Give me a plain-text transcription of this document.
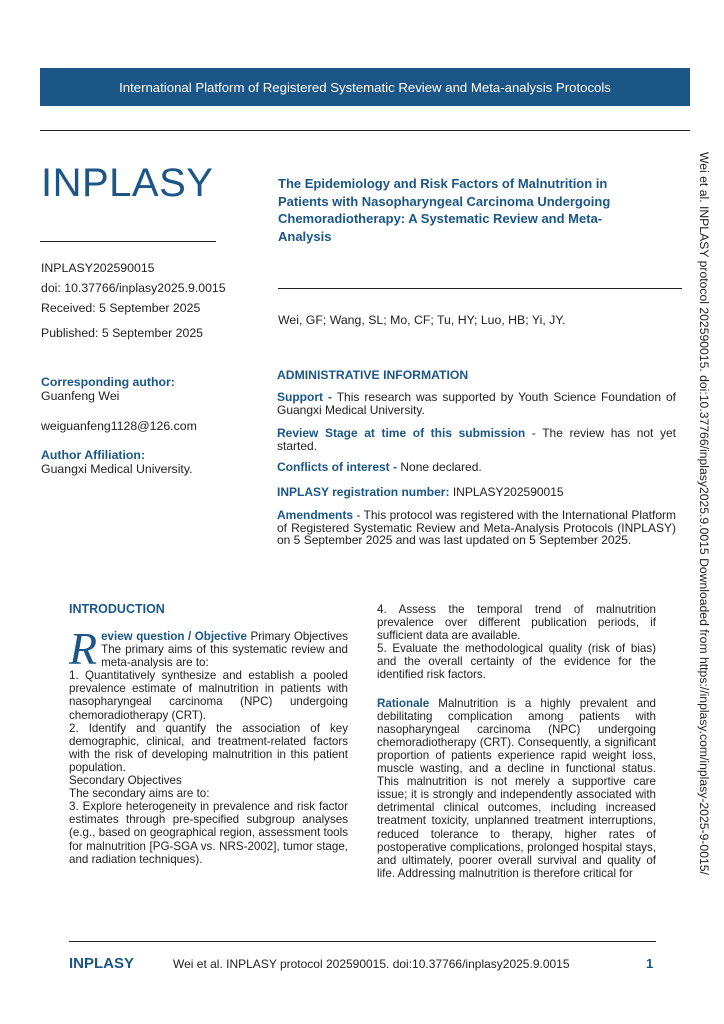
International Platform of Registered Systematic Review and Meta-analysis Protocols
INPLASY
INPLASY202590015
doi: 10.37766/inplasy2025.9.0015
Received: 5 September 2025
Published: 5 September 2025
Corresponding author:
Guanfeng Wei
weiguanfeng1128@126.com
Author Affiliation:
Guangxi Medical University.
The Epidemiology and Risk Factors of Malnutrition in Patients with Nasopharyngeal Carcinoma Undergoing Chemoradiotherapy: A Systematic Review and Meta-Analysis
Wei, GF; Wang, SL; Mo, CF; Tu, HY; Luo, HB; Yi, JY.
ADMINISTRATIVE INFORMATION
Support - This research was supported by Youth Science Foundation of Guangxi Medical University.
Review Stage at time of this submission - The review has not yet started.
Conflicts of interest - None declared.
INPLASY registration number: INPLASY202590015
Amendments - This protocol was registered with the International Platform of Registered Systematic Review and Meta-Analysis Protocols (INPLASY) on 5 September 2025 and was last updated on 5 September 2025.
INTRODUCTION

Review question / Objective Primary Objectives The primary aims of this systematic review and meta-analysis are to:

1. Quantitatively synthesize and establish a pooled prevalence estimate of malnutrition in patients with nasopharyngeal carcinoma (NPC) undergoing chemoradiotherapy (CRT).

2. Identify and quantify the association of key demographic, clinical, and treatment-related factors with the risk of developing malnutrition in this patient population.

Secondary Objectives

The secondary aims are to:

3. Explore heterogeneity in prevalence and risk factor estimates through pre-specified subgroup analyses (e.g., based on geographical region, assessment tools for malnutrition [PG-SGA vs. NRS-2002], tumor stage, and radiation techniques).

4. Assess the temporal trend of malnutrition prevalence over different publication periods, if sufficient data are available.

5. Evaluate the methodological quality (risk of bias) and the overall certainty of the evidence for the identified risk factors.

Rationale Malnutrition is a highly prevalent and debilitating complication among patients with nasopharyngeal carcinoma (NPC) undergoing chemoradiotherapy (CRT). Consequently, a significant proportion of patients experience rapid weight loss, muscle wasting, and a decline in functional status. This malnutrition is not merely a supportive care issue; it is strongly and independently associated with detrimental clinical outcomes, including increased treatment toxicity, unplanned treatment interruptions, reduced tolerance to therapy, higher rates of postoperative complications, prolonged hospital stays, and ultimately, poorer overall survival and quality of life. Addressing malnutrition is therefore critical for	Wei et al. INPLASY protocol 202590015. doi:10.37766/inplasy2025.9.0015 Downloaded from https://inplasy.com/inplasy-2025-9-0015/
INPLASY	Wei et al. INPLASY protocol 202590015. doi:10.37766/inplasy2025.9.0015	1
